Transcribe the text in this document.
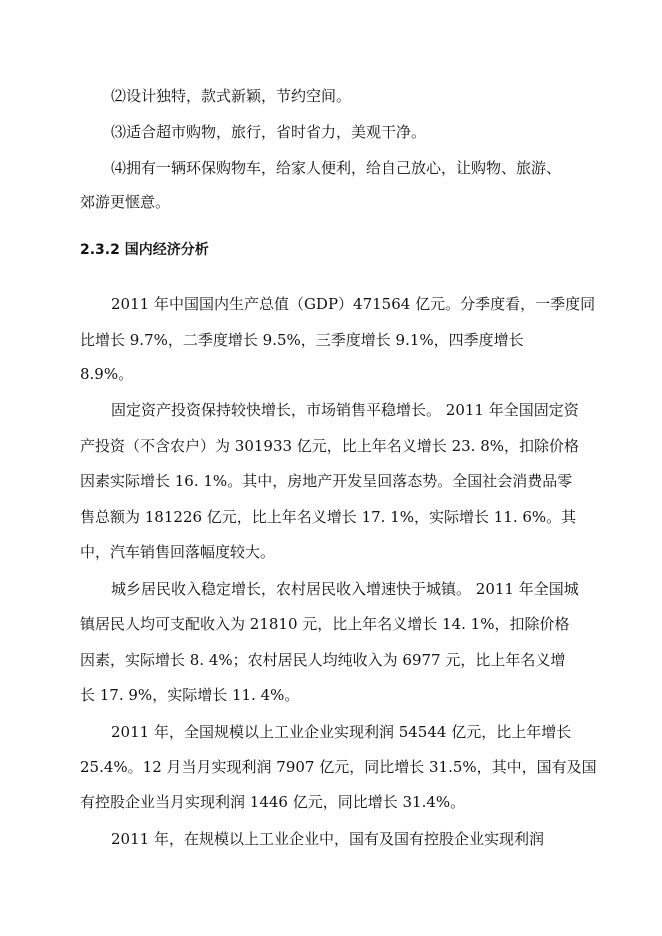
⑵设计独特，款式新颖，节约空间。
⑶适合超市购物，旅行，省时省力，美观干净。
⑷拥有一辆环保购物车，给家人便利，给自己放心，让购物、旅游、
郊游更惬意。
2.3.2 国内经济分析
2011 年中国国内生产总值（GDP）471564 亿元。分季度看，一季度同
比增长 9.7%，二季度增长 9.5%，三季度增长 9.1%，四季度增长
8.9%。
固定资产投资保持较快增长，市场销售平稳增长。 2011 年全国固定资
产投资（不含农户）为 301933 亿元，比上年名义增长 23. 8%，扣除价格
因素实际增长 16. 1%。其中，房地产开发呈回落态势。全国社会消费品零
售总额为 181226 亿元，比上年名义增长 17. 1%，实际增长 11. 6%。其
中，汽车销售回落幅度较大。
城乡居民收入稳定增长，农村居民收入增速快于城镇。 2011 年全国城
镇居民人均可支配收入为 21810 元，比上年名义增长 14. 1%，扣除价格
因素，实际增长 8. 4%；农村居民人均纯收入为 6977 元，比上年名义增
长 17. 9%，实际增长 11. 4%。
2011 年，全国规模以上工业企业实现利润 54544 亿元，比上年增长
25.4%。12 月当月实现利润 7907 亿元，同比增长 31.5%，其中，国有及国
有控股企业当月实现利润 1446 亿元，同比增长 31.4%。
2011 年，在规模以上工业企业中，国有及国有控股企业实现利润
